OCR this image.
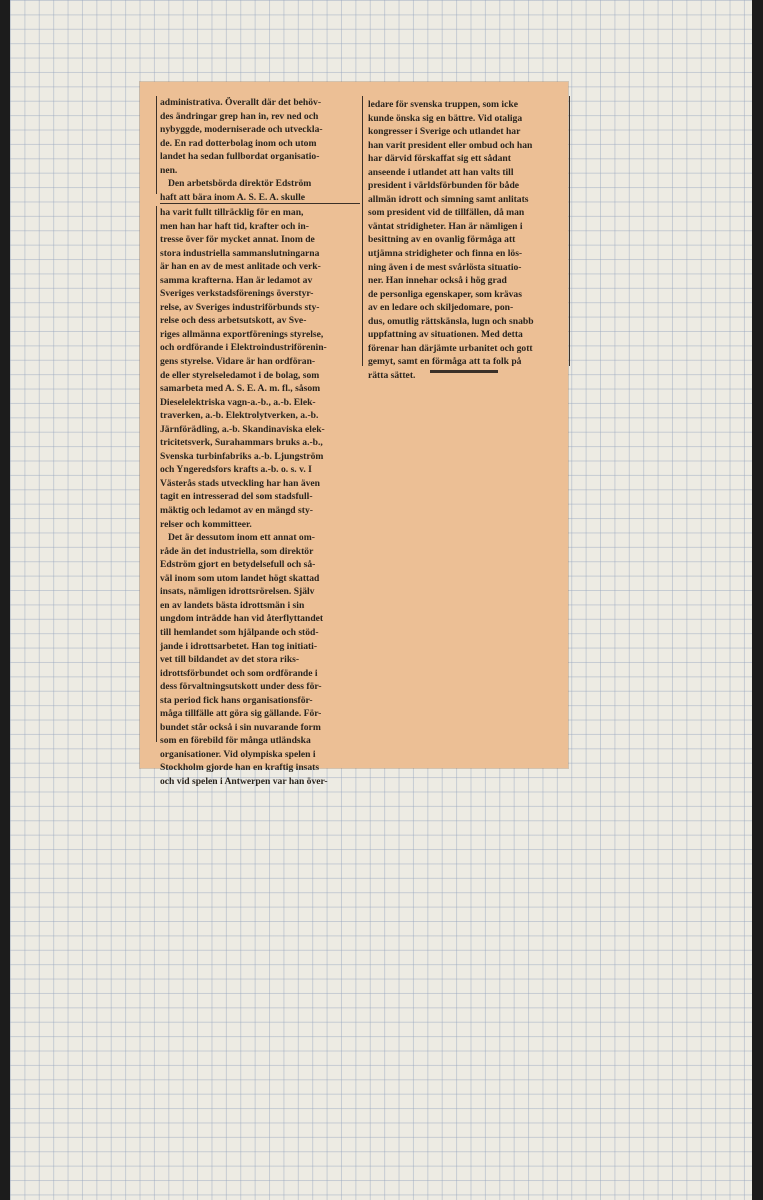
administrativa. Överallt där det behöv-

des ändringar grep han in, rev ned och

nybyggde, moderniserade och utveckla-

de. En rad dotterbolag inom och utom

landet ha sedan fullbordat organisatio-

nen.

Den arbetsbörda direktör Edström

haft att bära inom A. S. E. A. skulle

ha varit fullt tillräcklig för en man,

men han har haft tid, krafter och in-

tresse över för mycket annat. Inom de

stora industriella sammanslutningarna

är han en av de mest anlitade och verk-

samma krafterna. Han är ledamot av

Sveriges verkstadsförenings överstyr-

relse, av Sveriges industriförbunds sty-

relse och dess arbetsutskott, av Sve-

riges allmänna exportförenings styrelse,

och ordförande i Elektroindustriförenin-

gens styrelse. Vidare är han ordföran-

de eller styrelseledamot i de bolag, som

samarbeta med A. S. E. A. m. fl., såsom

Dieselelektriska vagn-a.-b., a.-b. Elek-

traverken, a.-b. Elektrolytverken, a.-b.

Järnförädling, a.-b. Skandinaviska elek-

tricitetsverk, Surahammars bruks a.-b.,

Svenska turbinfabriks a.-b. Ljungström

och Yngeredsfors krafts a.-b. o. s. v. I

Västerås stads utveckling har han även

tagit en intresserad del som stadsfull-

mäktig och ledamot av en mängd sty-

relser och kommitteer.

Det är dessutom inom ett annat om-

råde än det industriella, som direktör

Edström gjort en betydelsefull och så-

väl inom som utom landet högt skattad

insats, nämligen idrottsrörelsen. Själv

en av landets bästa idrottsmän i sin

ungdom inträdde han vid återflyttandet

till hemlandet som hjälpande och stöd-

jande i idrottsarbetet. Han tog initiati-

vet till bildandet av det stora riks-

idrottsförbundet och som ordförande i

dess förvaltningsutskott under dess för-

sta period fick hans organisationsför-

måga tillfälle att göra sig gällande. För-

bundet står också i sin nuvarande form

som en förebild för många utländska

organisationer. Vid olympiska spelen i

Stockholm gjorde han en kraftig insats

och vid spelen i Antwerpen var han över-

ledare för svenska truppen, som icke

kunde önska sig en bättre. Vid otaliga

kongresser i Sverige och utlandet har

han varit president eller ombud och han

har därvid förskaffat sig ett sådant

anseende i utlandet att han valts till

president i världsförbunden för både

allmän idrott och simning samt anlitats

som president vid de tillfällen, då man

väntat stridigheter. Han är nämligen i

besittning av en ovanlig förmåga att

utjämna stridigheter och finna en lös-

ning även i de mest svårlösta situatio-

ner. Han innehar också i hög grad

de personliga egenskaper, som krävas

av en ledare och skiljedomare, pon-

dus, omutlig rättskänsla, lugn och snabb

uppfattning av situationen. Med detta

förenar han därjämte urbanitet och gott

gemyt, samt en förmåga att ta folk på

rätta sättet.
